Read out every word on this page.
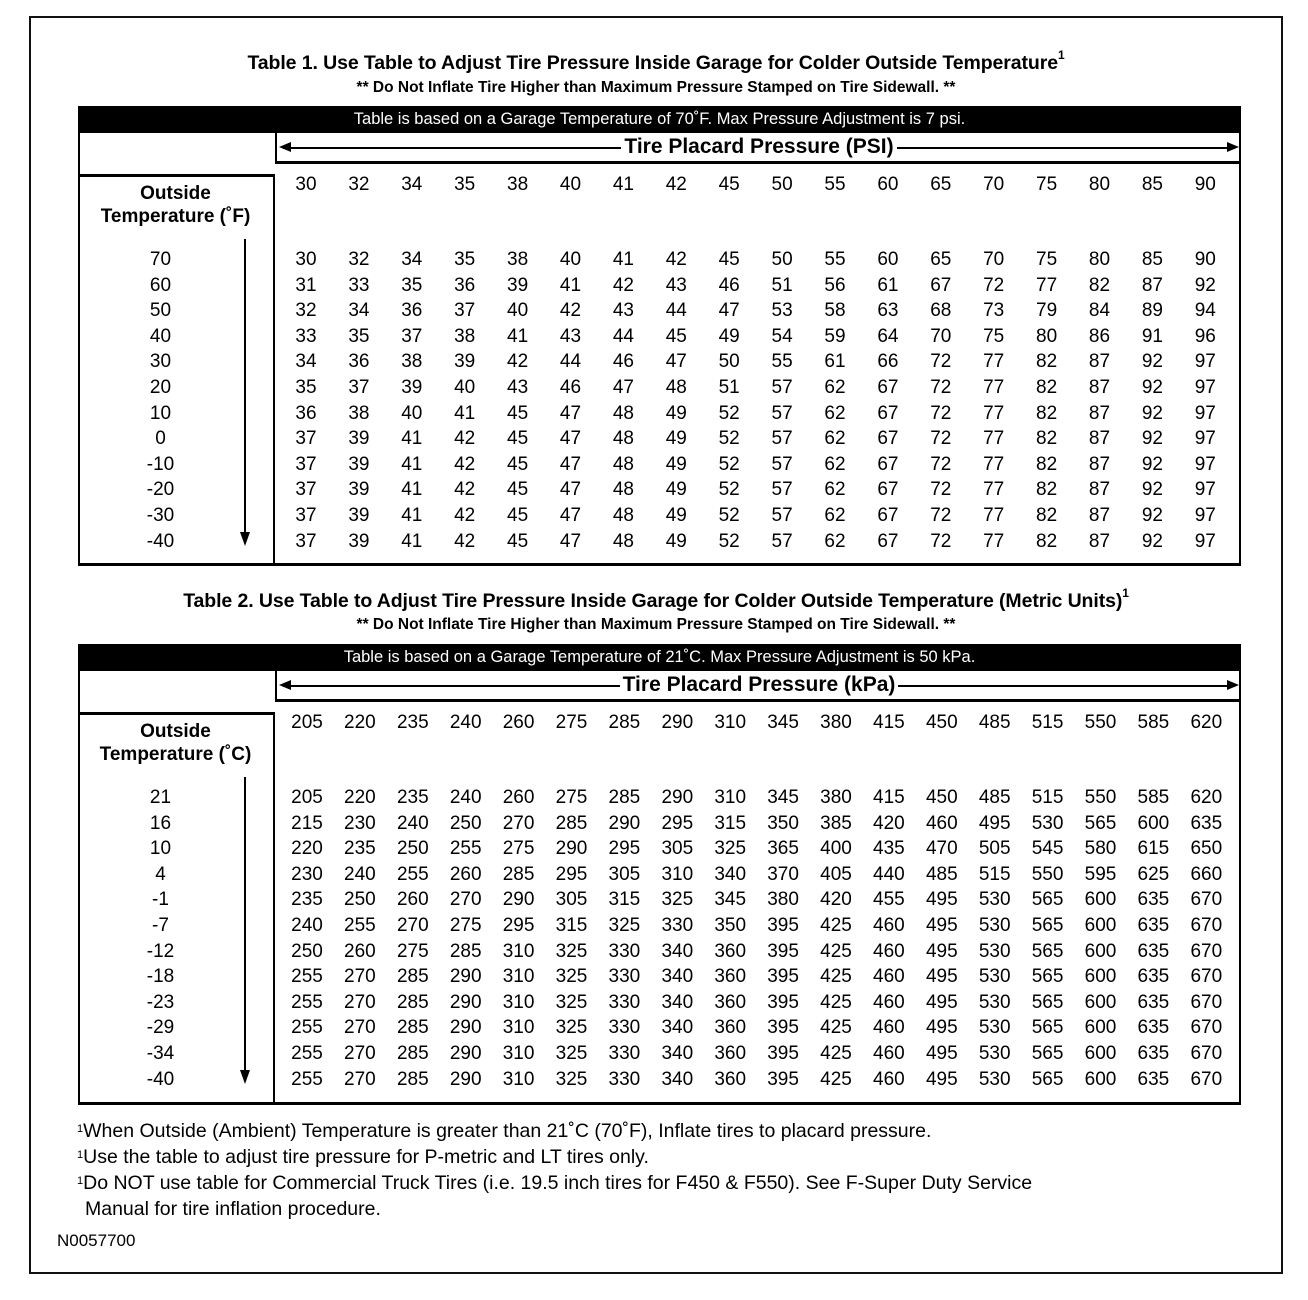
Table 1. Use Table to Adjust Tire Pressure Inside Garage for Colder Outside Temperature$^1$
** Do Not Inflate Tire Higher than Maximum Pressure Stamped on Tire Sidewall. **
Table is based on a Garage Temperature of 70˚F. Max Pressure Adjustment is 7 psi.
Tire Placard Pressure (PSI)
Outside
Temperature (˚F)
30	32	34	35	38	40	41	42	45	50	55	60	65	70	75	80	85	90
70	30	32	34	35	38	40	41	42	45	50	55	60	65	70	75	80	85	90
60	31	33	35	36	39	41	42	43	46	51	56	61	67	72	77	82	87	92
50	32	34	36	37	40	42	43	44	47	53	58	63	68	73	79	84	89	94
40	33	35	37	38	41	43	44	45	49	54	59	64	70	75	80	86	91	96
30	34	36	38	39	42	44	46	47	50	55	61	66	72	77	82	87	92	97
20	35	37	39	40	43	46	47	48	51	57	62	67	72	77	82	87	92	97
10	36	38	40	41	45	47	48	49	52	57	62	67	72	77	82	87	92	97
0	37	39	41	42	45	47	48	49	52	57	62	67	72	77	82	87	92	97
-10	37	39	41	42	45	47	48	49	52	57	62	67	72	77	82	87	92	97
-20	37	39	41	42	45	47	48	49	52	57	62	67	72	77	82	87	92	97
-30	37	39	41	42	45	47	48	49	52	57	62	67	72	77	82	87	92	97
-40	37	39	41	42	45	47	48	49	52	57	62	67	72	77	82	87	92	97
Table 2. Use Table to Adjust Tire Pressure Inside Garage for Colder Outside Temperature (Metric Units)$^1$
** Do Not Inflate Tire Higher than Maximum Pressure Stamped on Tire Sidewall. **
Table is based on a Garage Temperature of 21˚C. Max Pressure Adjustment is 50 kPa.
Tire Placard Pressure (kPa)
Outside
Temperature (˚C)
205	220	235	240	260	275	285	290	310	345	380	415	450	485	515	550	585	620
21	205	220	235	240	260	275	285	290	310	345	380	415	450	485	515	550	585	620
16	215	230	240	250	270	285	290	295	315	350	385	420	460	495	530	565	600	635
10	220	235	250	255	275	290	295	305	325	365	400	435	470	505	545	580	615	650
4	230	240	255	260	285	295	305	310	340	370	405	440	485	515	550	595	625	660
-1	235	250	260	270	290	305	315	325	345	380	420	455	495	530	565	600	635	670
-7	240	255	270	275	295	315	325	330	350	395	425	460	495	530	565	600	635	670
-12	250	260	275	285	310	325	330	340	360	395	425	460	495	530	565	600	635	670
-18	255	270	285	290	310	325	330	340	360	395	425	460	495	530	565	600	635	670
-23	255	270	285	290	310	325	330	340	360	395	425	460	495	530	565	600	635	670
-29	255	270	285	290	310	325	330	340	360	395	425	460	495	530	565	600	635	670
-34	255	270	285	290	310	325	330	340	360	395	425	460	495	530	565	600	635	670
-40	255	270	285	290	310	325	330	340	360	395	425	460	495	530	565	600	635	670
$^1$When Outside (Ambient) Temperature is greater than 21˚C (70˚F), Inflate tires to placard pressure.
$^1$Use the table to adjust tire pressure for P-metric and LT tires only.
$^1$Do NOT use table for Commercial Truck Tires (i.e. 19.5 inch tires for F450 & F550). See F-Super Duty Service
Manual for tire inflation procedure.
N0057700
